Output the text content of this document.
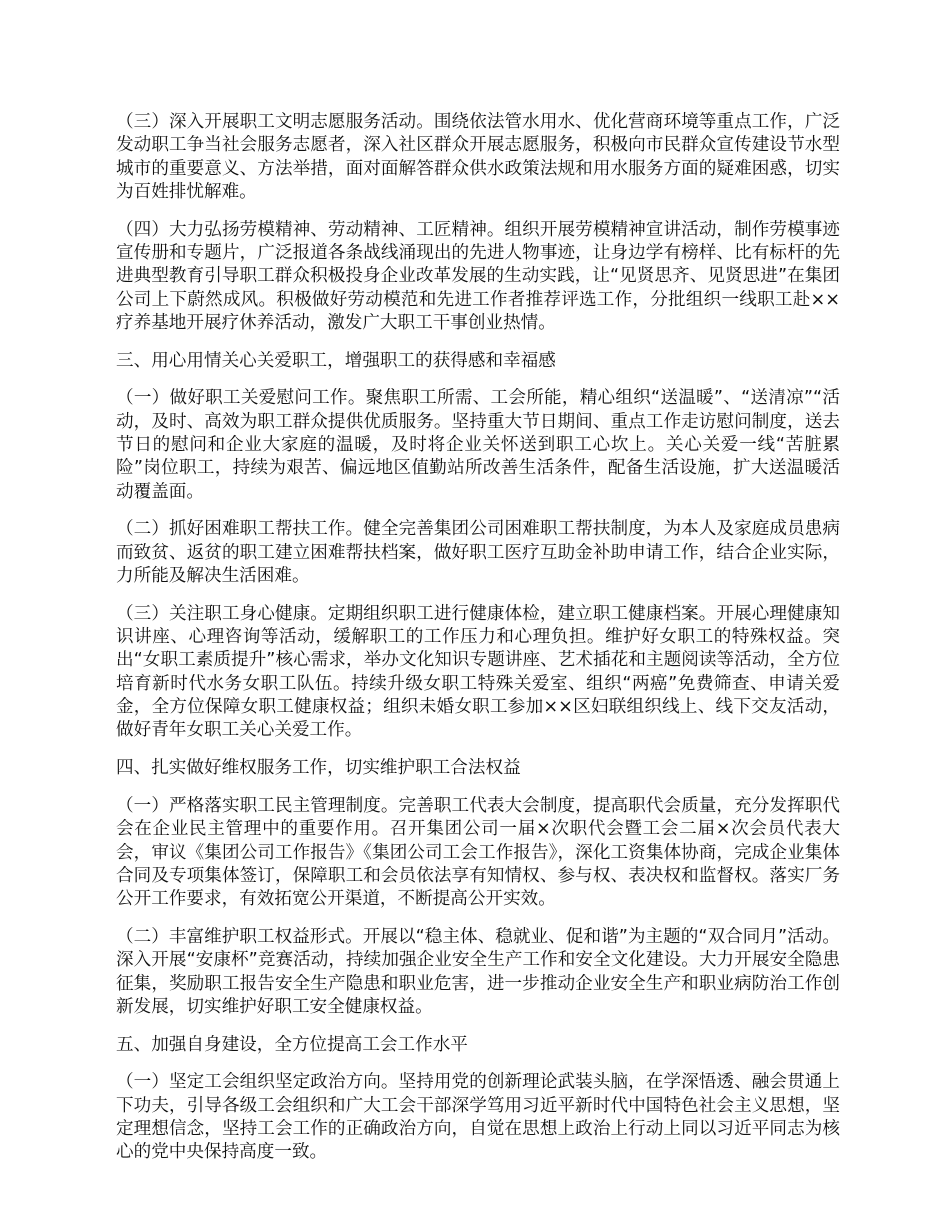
（三）深入开展职工文明志愿服务活动。围绕依法管水用水、优化营商环境等重点工作，广泛发动职工争当社会服务志愿者，深入社区群众开展志愿服务，积极向市民群众宣传建设节水型城市的重要意义、方法举措，面对面解答群众供水政策法规和用水服务方面的疑难困惑，切实为百姓排忧解难。

（四）大力弘扬劳模精神、劳动精神、工匠精神。组织开展劳模精神宣讲活动，制作劳模事迹宣传册和专题片，广泛报道各条战线涌现出的先进人物事迹，让身边学有榜样、比有标杆的先进典型教育引导职工群众积极投身企业改革发展的生动实践，让“见贤思齐、见贤思进”在集团公司上下蔚然成风。积极做好劳动模范和先进工作者推荐评选工作，分批组织一线职工赴××疗养基地开展疗休养活动，激发广大职工干事创业热情。

三、用心用情关心关爱职工，增强职工的获得感和幸福感

（一）做好职工关爱慰问工作。聚焦职工所需、工会所能，精心组织“送温暖”、“送清凉”“活动，及时、高效为职工群众提供优质服务。坚持重大节日期间、重点工作走访慰问制度，送去节日的慰问和企业大家庭的温暖，及时将企业关怀送到职工心坎上。关心关爱一线“苦脏累险”岗位职工，持续为艰苦、偏远地区值勤站所改善生活条件，配备生活设施，扩大送温暖活动覆盖面。

（二）抓好困难职工帮扶工作。健全完善集团公司困难职工帮扶制度，为本人及家庭成员患病而致贫、返贫的职工建立困难帮扶档案，做好职工医疗互助金补助申请工作，结合企业实际，力所能及解决生活困难。

（三）关注职工身心健康。定期组织职工进行健康体检，建立职工健康档案。开展心理健康知识讲座、心理咨询等活动，缓解职工的工作压力和心理负担。维护好女职工的特殊权益。突出“女职工素质提升”核心需求，举办文化知识专题讲座、艺术插花和主题阅读等活动，全方位培育新时代水务女职工队伍。持续升级女职工特殊关爱室、组织“两癌”免费筛查、申请关爱金，全方位保障女职工健康权益；组织未婚女职工参加××区妇联组织线上、线下交友活动，做好青年女职工关心关爱工作。

四、扎实做好维权服务工作，切实维护职工合法权益

（一）严格落实职工民主管理制度。完善职工代表大会制度，提高职代会质量，充分发挥职代会在企业民主管理中的重要作用。召开集团公司一届×次职代会暨工会二届×次会员代表大会，审议《集团公司工作报告》《集团公司工会工作报告》，深化工资集体协商，完成企业集体合同及专项集体签订，保障职工和会员依法享有知情权、参与权、表决权和监督权。落实厂务公开工作要求，有效拓宽公开渠道，不断提高公开实效。

（二）丰富维护职工权益形式。开展以“稳主体、稳就业、促和谐”为主题的“双合同月”活动。深入开展“安康杯”竞赛活动，持续加强企业安全生产工作和安全文化建设。大力开展安全隐患征集，奖励职工报告安全生产隐患和职业危害，进一步推动企业安全生产和职业病防治工作创新发展，切实维护好职工安全健康权益。

五、加强自身建设，全方位提高工会工作水平

（一）坚定工会组织坚定政治方向。坚持用党的创新理论武装头脑，在学深悟透、融会贯通上下功夫，引导各级工会组织和广大工会干部深学笃用习近平新时代中国特色社会主义思想，坚定理想信念，坚持工会工作的正确政治方向，自觉在思想上政治上行动上同以习近平同志为核心的党中央保持高度一致。
